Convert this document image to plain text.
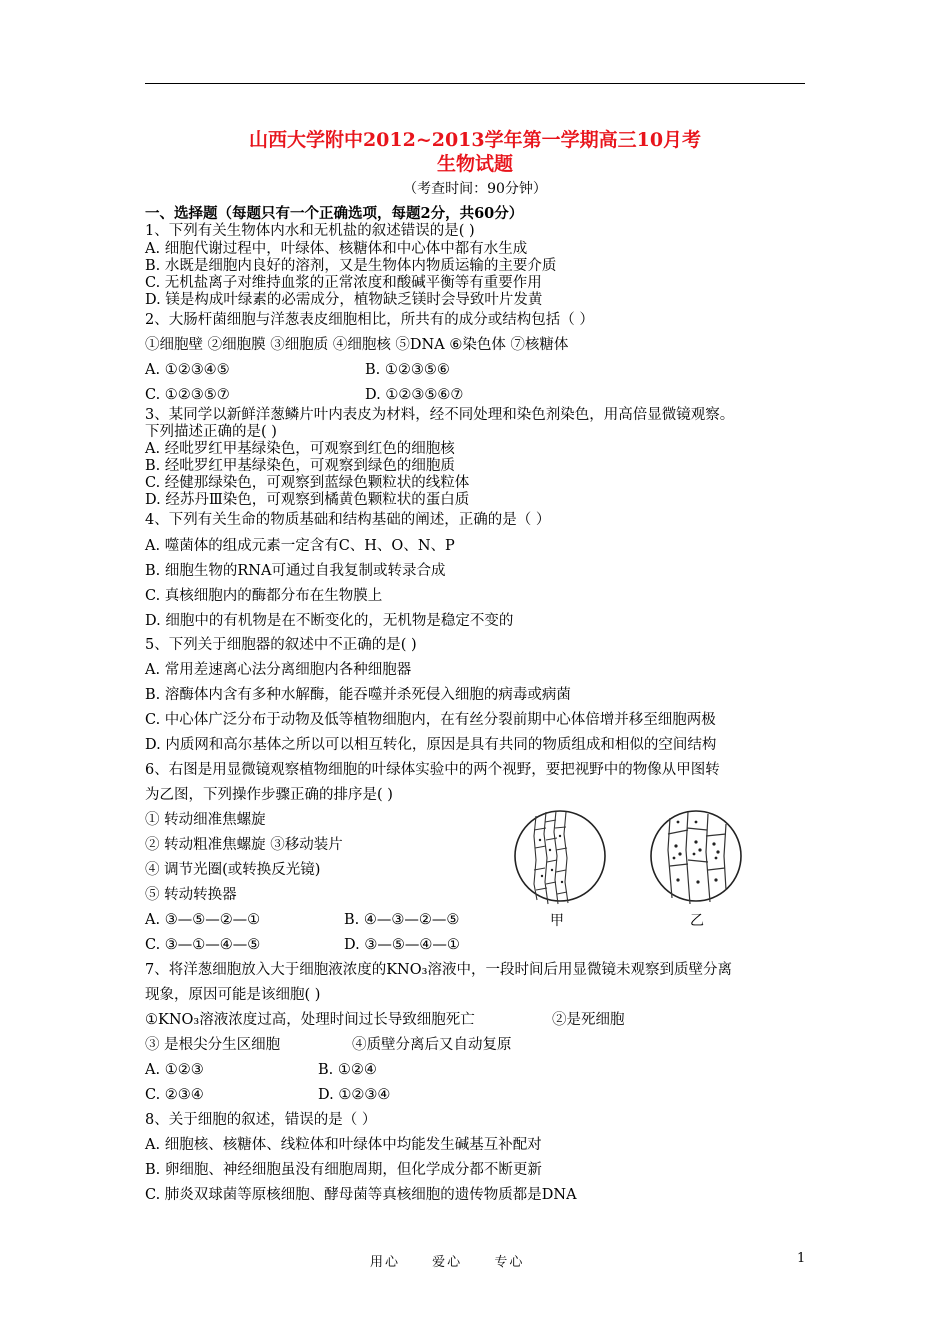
山西大学附中2012~2013学年第一学期高三10月考
生物试题
（考查时间：90分钟）
一、选择题（每题只有一个正确选项，每题2分，共60分）
1、下列有关生物体内水和无机盐的叙述错误的是( )
A. 细胞代谢过程中，叶绿体、核糖体和中心体中都有水生成
B. 水既是细胞内良好的溶剂，又是生物体内物质运输的主要介质
C. 无机盐离子对维持血浆的正常浓度和酸碱平衡等有重要作用
D. 镁是构成叶绿素的必需成分，植物缺乏镁时会导致叶片发黄
2、大肠杆菌细胞与洋葱表皮细胞相比，所共有的成分或结构包括（ ）
①细胞壁 ②细胞膜 ③细胞质 ④细胞核 ⑤DNA ⑥染色体 ⑦核糖体
A. ①②③④⑤	B. ①②③⑤⑥
C. ①②③⑤⑦	D. ①②③⑤⑥⑦
3、某同学以新鲜洋葱鳞片叶内表皮为材料，经不同处理和染色剂染色，用高倍显微镜观察。
下列描述正确的是( )
A. 经吡罗红甲基绿染色，可观察到红色的细胞核
B. 经吡罗红甲基绿染色，可观察到绿色的细胞质
C. 经健那绿染色，可观察到蓝绿色颗粒状的线粒体
D. 经苏丹Ⅲ染色，可观察到橘黄色颗粒状的蛋白质
4、下列有关生命的物质基础和结构基础的阐述，正确的是（ ）
A. 噬菌体的组成元素一定含有C、H、O、N、P
B. 细胞生物的RNA可通过自我复制或转录合成
C. 真核细胞内的酶都分布在生物膜上
D. 细胞中的有机物是在不断变化的，无机物是稳定不变的
5、下列关于细胞器的叙述中不正确的是( )
A. 常用差速离心法分离细胞内各种细胞器
B. 溶酶体内含有多种水解酶，能吞噬并杀死侵入细胞的病毒或病菌
C. 中心体广泛分布于动物及低等植物细胞内，在有丝分裂前期中心体倍增并移至细胞两极
D. 内质网和高尔基体之所以可以相互转化，原因是具有共同的物质组成和相似的空间结构
6、右图是用显微镜观察植物细胞的叶绿体实验中的两个视野，要把视野中的物像从甲图转
为乙图，下列操作步骤正确的排序是( )
① 转动细准焦螺旋
② 转动粗准焦螺旋 ③移动装片
④ 调节光圈(或转换反光镜)
⑤ 转动转换器
A. ③—⑤—②—①	B. ④—③—②—⑤
C. ③—①—④—⑤	D. ③—⑤—④—①
甲	乙
7、将洋葱细胞放入大于细胞液浓度的KNO₃溶液中，一段时间后用显微镜未观察到质壁分离
现象，原因可能是该细胞( )
①KNO₃溶液浓度过高，处理时间过长导致细胞死亡	②是死细胞
③ 是根尖分生区细胞	④质壁分离后又自动复原
A. ①②③	B. ①②④
C. ②③④	D. ①②③④
8、关于细胞的叙述，错误的是（ ）
A. 细胞核、核糖体、线粒体和叶绿体中均能发生碱基互补配对
B. 卵细胞、神经细胞虽没有细胞周期，但化学成分都不断更新
C. 肺炎双球菌等原核细胞、酵母菌等真核细胞的遗传物质都是DNA
用心 爱心 专心	1
